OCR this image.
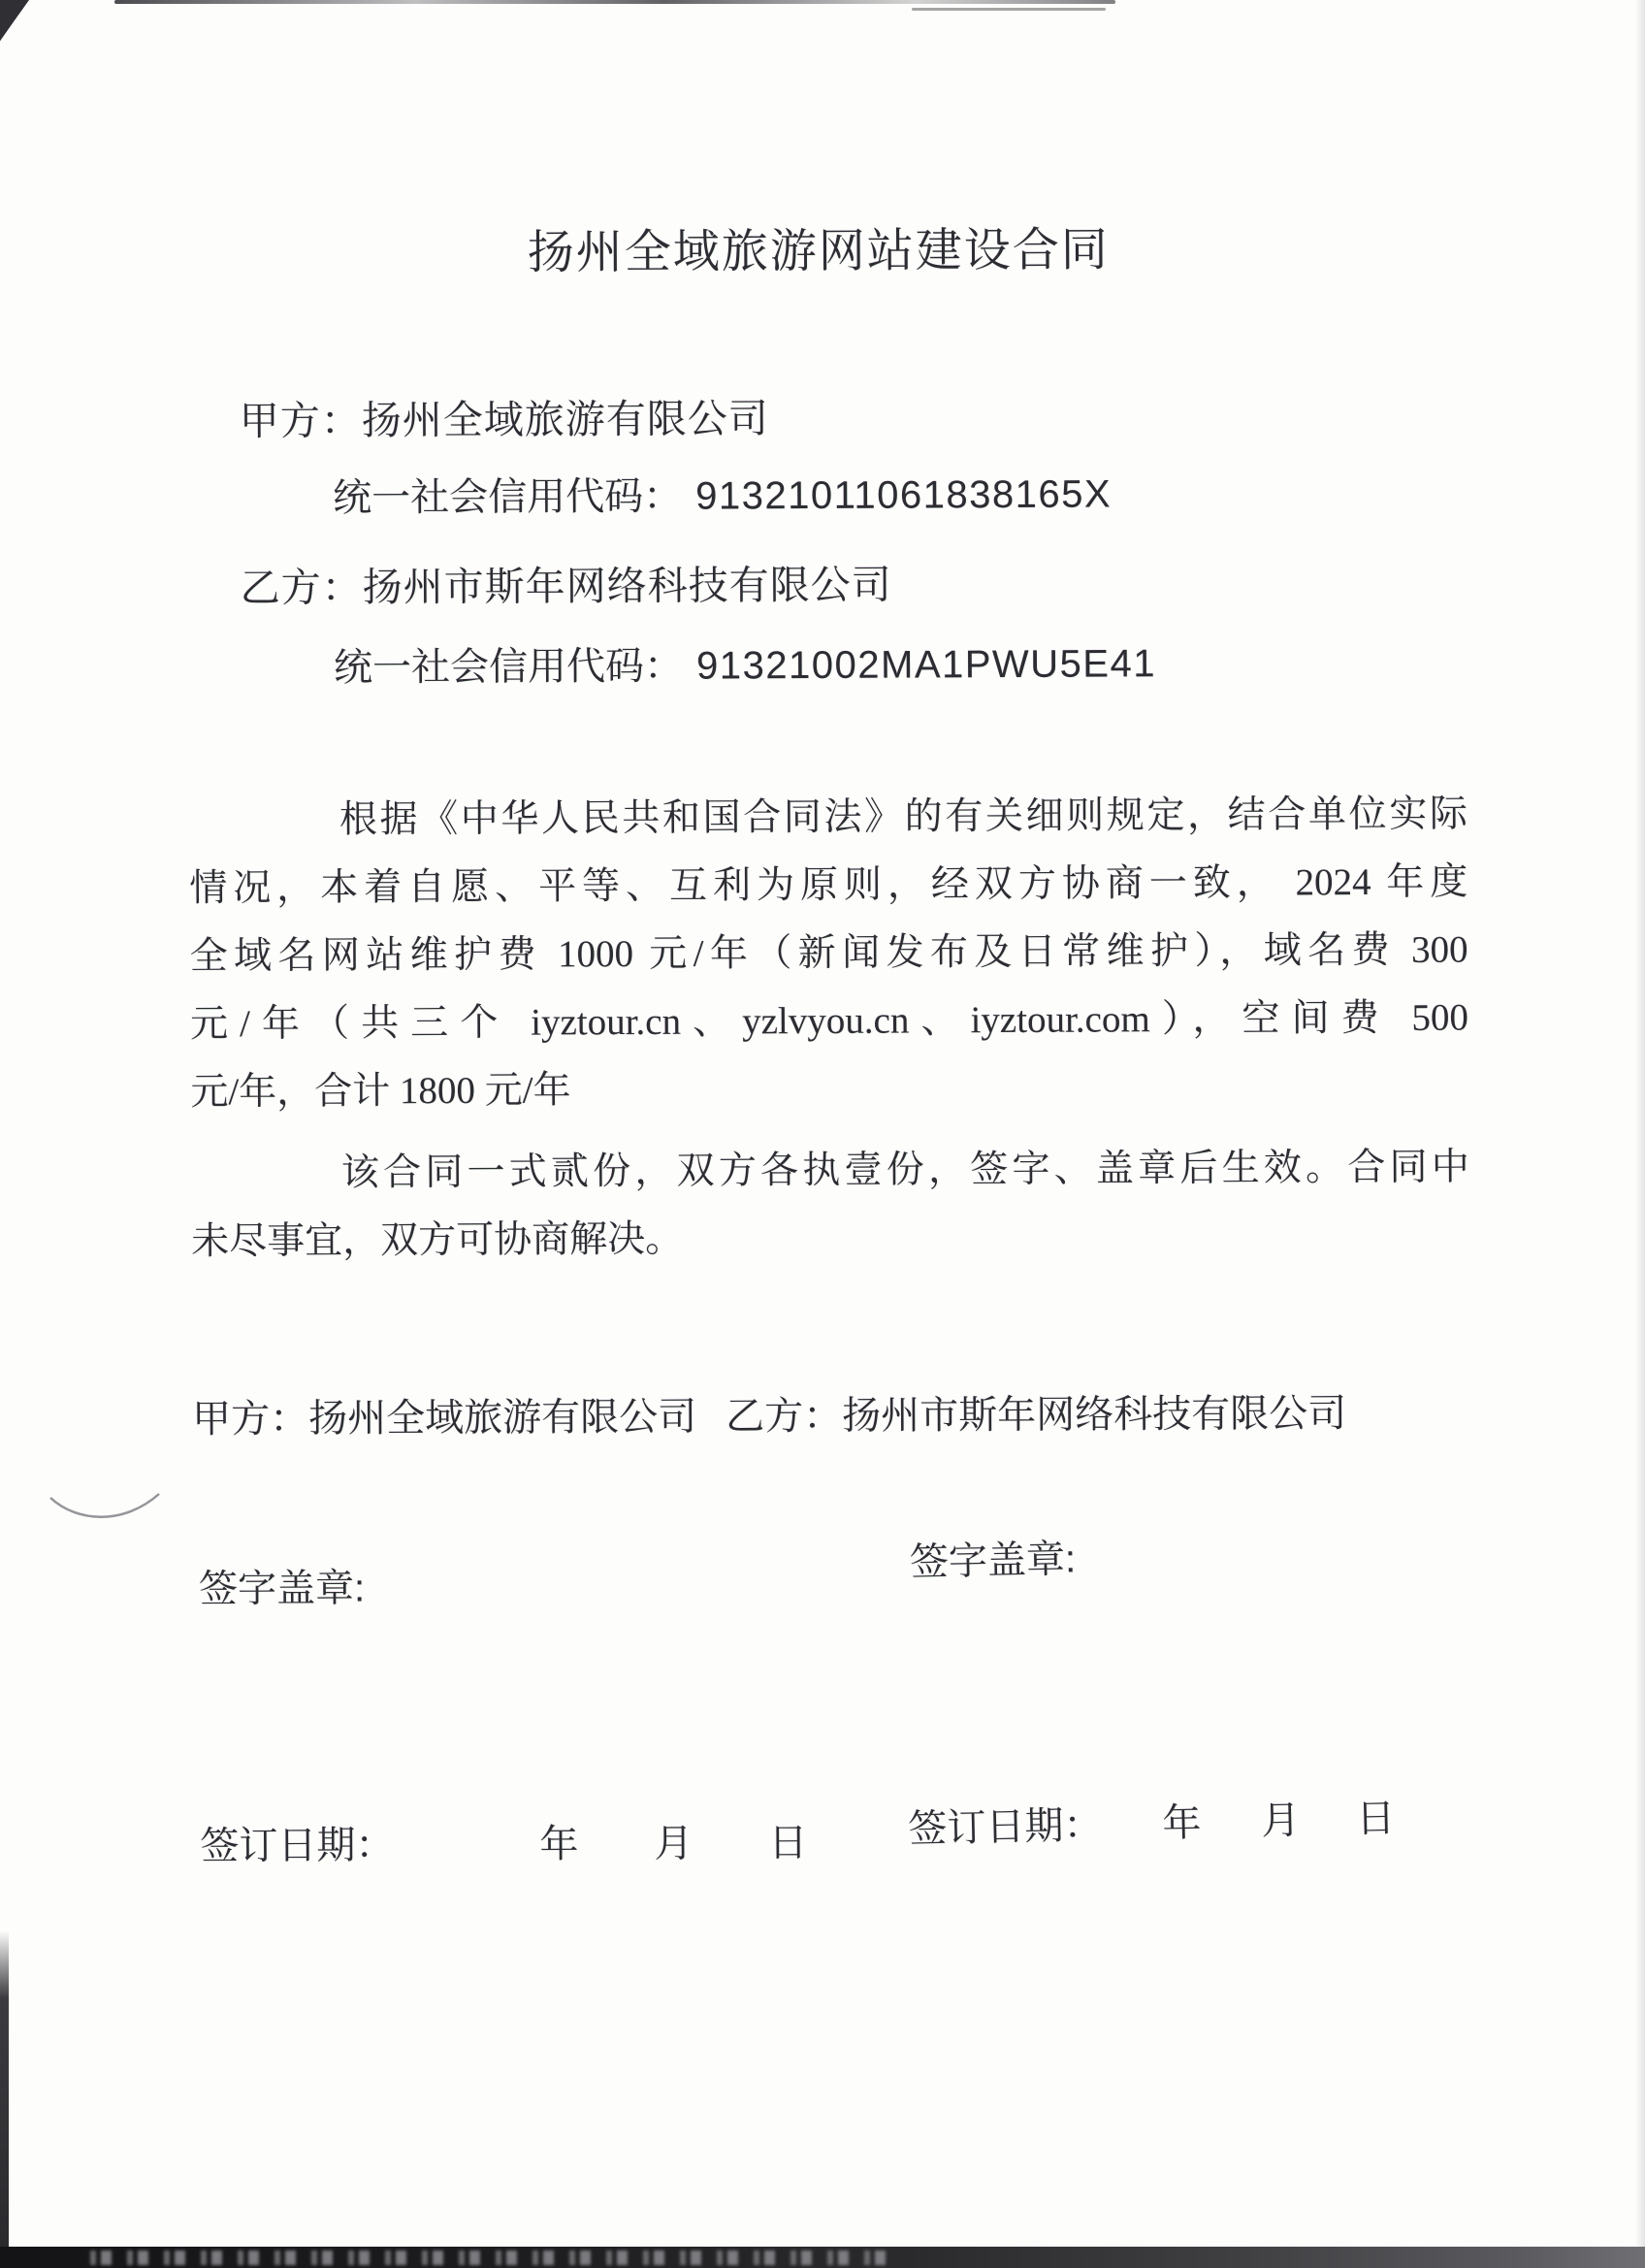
扬州全域旅游网站建设合同
甲方：扬州全域旅游有限公司
统一社会信用代码： 91321011061838165X
乙方：扬州市斯年网络科技有限公司
统一社会信用代码： 91321002MA1PWU5E41
根据《中华人民共和国合同法》的有关细则规定，结合单位实际
情况，本着自愿、平等、互利为原则，经双方协商一致， 2024 年度
全域名网站维护费 1000 元/年（新闻发布及日常维护），域名费 300
元/年（共三个 iyztour.cn、yzlvyou.cn、iyztour.com），空间费 500
元/年，合计 1800 元/年
该合同一式贰份，双方各执壹份，签字、盖章后生效。合同中
未尽事宜，双方可协商解决。
甲方：扬州全域旅游有限公司 乙方：扬州市斯年网络科技有限公司
签字盖章:
签字盖章:
签订日期：	年 月 日	签订日期： 年 月 日
